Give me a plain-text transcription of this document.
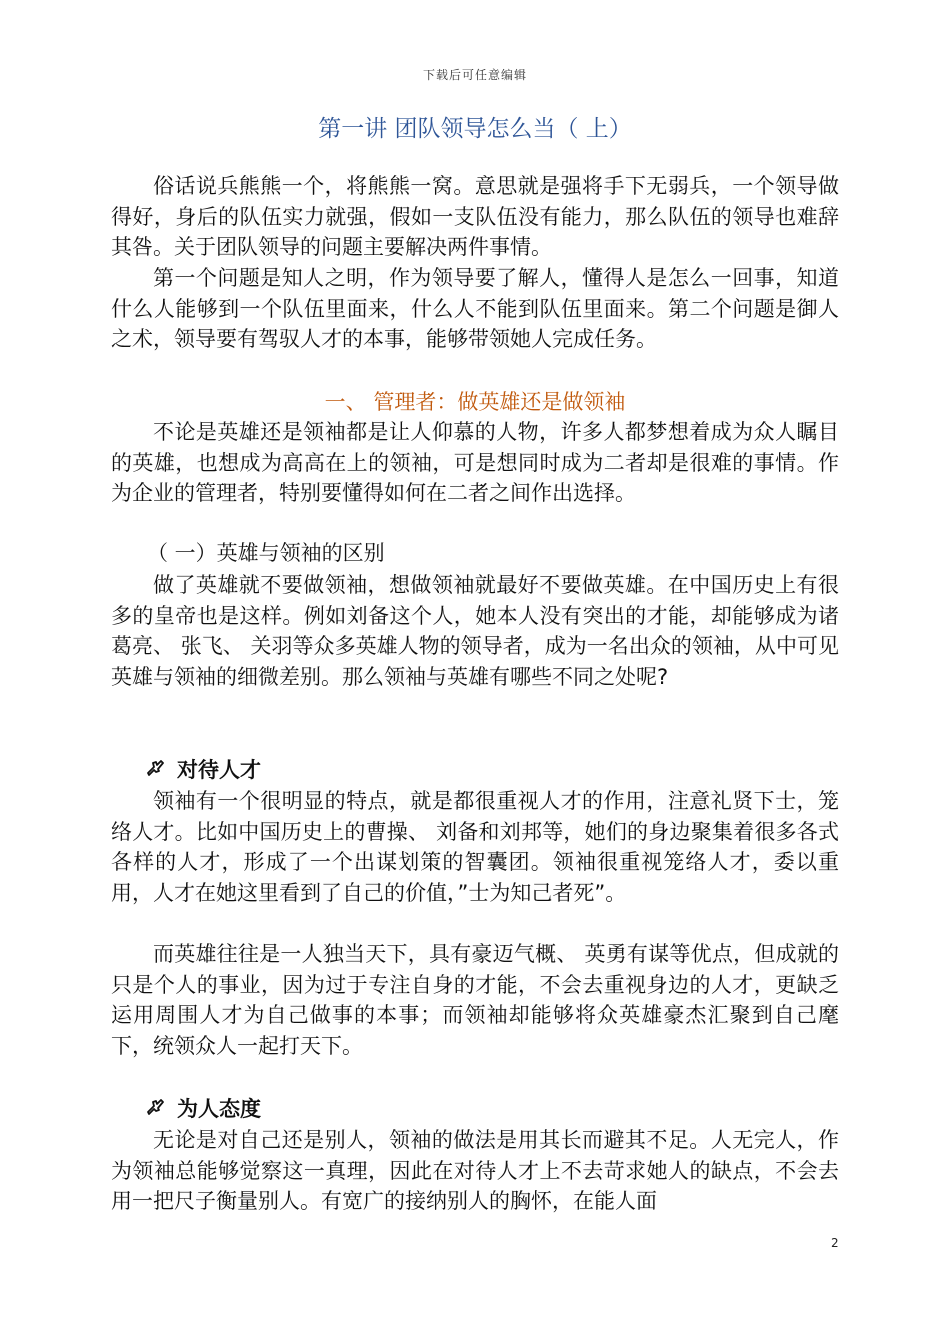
下载后可任意编辑
第一讲 团队领导怎么当（ 上）

俗话说兵熊熊一个，将熊熊一窝。意思就是强将手下无弱兵，一个领导做得好，身后的队伍实力就强，假如一支队伍没有能力，那么队伍的领导也难辞其咎。关于团队领导的问题主要解决两件事情。

第一个问题是知人之明，作为领导要了解人，懂得人是怎么一回事，知道什么人能够到一个队伍里面来，什么人不能到队伍里面来。第二个问题是御人之术，领导要有驾驭人才的本事，能够带领她人完成任务。

一、 管理者：做英雄还是做领袖

不论是英雄还是领袖都是让人仰慕的人物，许多人都梦想着成为众人瞩目的英雄，也想成为高高在上的领袖，可是想同时成为二者却是很难的事情。作为企业的管理者，特别要懂得如何在二者之间作出选择。

（ 一）英雄与领袖的区别

做了英雄就不要做领袖，想做领袖就最好不要做英雄。在中国历史上有很多的皇帝也是这样。例如刘备这个人，她本人没有突出的才能，却能够成为诸葛亮、 张飞、 关羽等众多英雄人物的领导者，成为一名出众的领袖，从中可见英雄与领袖的细微差别。那么领袖与英雄有哪些不同之处呢?

对待人才

领袖有一个很明显的特点，就是都很重视人才的作用，注意礼贤下士，笼络人才。比如中国历史上的曹操、 刘备和刘邦等，她们的身边聚集着很多各式各样的人才，形成了一个出谋划策的智囊团。领袖很重视笼络人才，委以重用，人才在她这里看到了自己的价值，”士为知己者死”。

而英雄往往是一人独当天下，具有豪迈气概、 英勇有谋等优点，但成就的只是个人的事业，因为过于专注自身的才能，不会去重视身边的人才，更缺乏运用周围人才为自己做事的本事；而领袖却能够将众英雄豪杰汇聚到自己麾下，统领众人一起打天下。

为人态度

无论是对自己还是别人，领袖的做法是用其长而避其不足。人无完人，作为领袖总能够觉察这一真理，因此在对待人才上不去苛求她人的缺点，不会去用一把尺子衡量别人。有宽广的接纳别人的胸怀，在能人面

2
